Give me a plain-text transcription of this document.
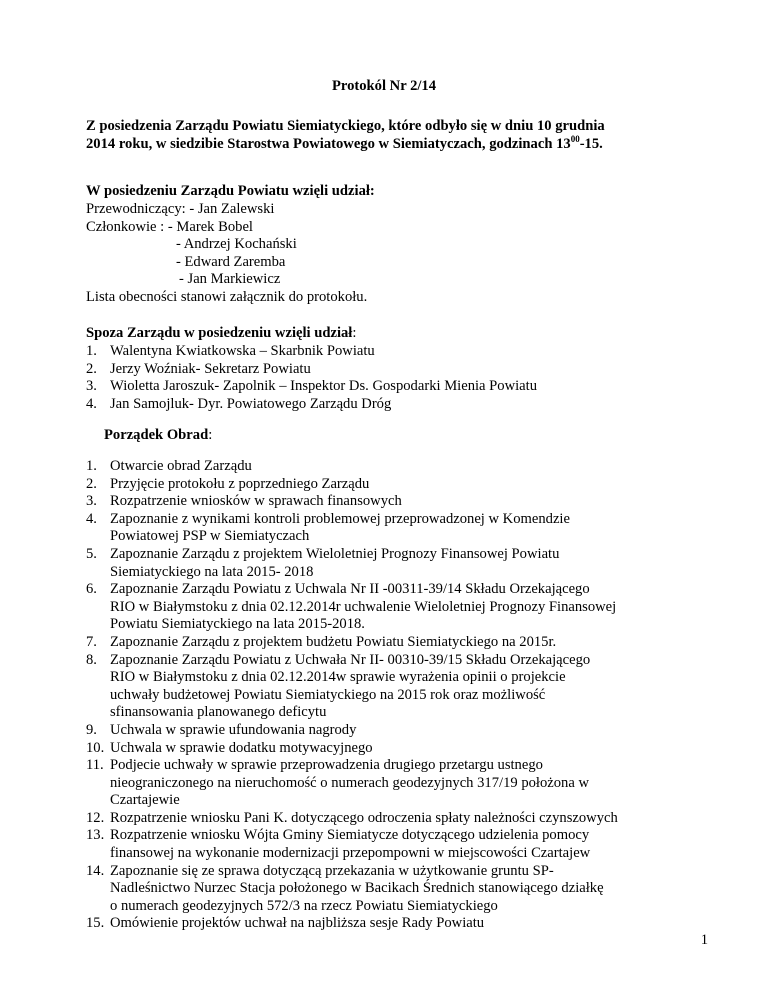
Protokól Nr 2/14
Z posiedzenia Zarządu Powiatu Siemiatyckiego, które odbyło się w dniu 10 grudnia
2014 roku, w siedzibie Starostwa Powiatowego w Siemiatyczach, godzinach $13^{00}-15$.
W posiedzeniu Zarządu Powiatu wzięli udział:
Przewodniczący: - Jan Zalewski
Członkowie : - Marek Bobel
- Andrzej Kochański
- Edward Zaremba
- Jan Markiewicz
Lista obecności stanowi załącznik do protokołu.
Spoza Zarządu w posiedzeniu wzięli udział:
1. Walentyna Kwiatkowska – Skarbnik Powiatu
2. Jerzy Woźniak- Sekretarz Powiatu
3. Wioletta Jaroszuk- Zapolnik – Inspektor Ds. Gospodarki Mienia Powiatu
4. Jan Samojluk- Dyr. Powiatowego Zarządu Dróg
Porządek Obrad:
1. Otwarcie obrad Zarządu
2. Przyjęcie protokołu z poprzedniego Zarządu
3. Rozpatrzenie wniosków w sprawach finansowych
4. Zapoznanie z wynikami kontroli problemowej przeprowadzonej w Komendzie
Powiatowej PSP w Siemiatyczach
5. Zapoznanie Zarządu z projektem Wieloletniej Prognozy Finansowej Powiatu
Siemiatyckiego na lata 2015- 2018
6. Zapoznanie Zarządu Powiatu z Uchwala Nr II -00311-39/14 Składu Orzekającego
RIO w Białymstoku z dnia 02.12.2014r uchwalenie Wieloletniej Prognozy Finansowej
Powiatu Siemiatyckiego na lata 2015-2018.
7. Zapoznanie Zarządu z projektem budżetu Powiatu Siemiatyckiego na 2015r.
8. Zapoznanie Zarządu Powiatu z Uchwała Nr II- 00310-39/15 Składu Orzekającego
RIO w Białymstoku z dnia 02.12.2014w sprawie wyrażenia opinii o projekcie
uchwały budżetowej Powiatu Siemiatyckiego na 2015 rok oraz możliwość
sfinansowania planowanego deficytu
9. Uchwala w sprawie ufundowania nagrody
10. Uchwala w sprawie dodatku motywacyjnego
11. Podjecie uchwały w sprawie przeprowadzenia drugiego przetargu ustnego
nieograniczonego na nieruchomość o numerach geodezyjnych 317/19 położona w
Czartajewie
12. Rozpatrzenie wniosku Pani K. dotyczącego odroczenia spłaty należności czynszowych
13. Rozpatrzenie wniosku Wójta Gminy Siemiatycze dotyczącego udzielenia pomocy
finansowej na wykonanie modernizacji przepompowni w miejscowości Czartajew
14. Zapoznanie się ze sprawa dotyczącą przekazania w użytkowanie gruntu SP-
Nadleśnictwo Nurzec Stacja położonego w Bacikach Średnich stanowiącego działkę
o numerach geodezyjnych 572/3 na rzecz Powiatu Siemiatyckiego
15. Omówienie projektów uchwał na najbliższa sesje Rady Powiatu
1
